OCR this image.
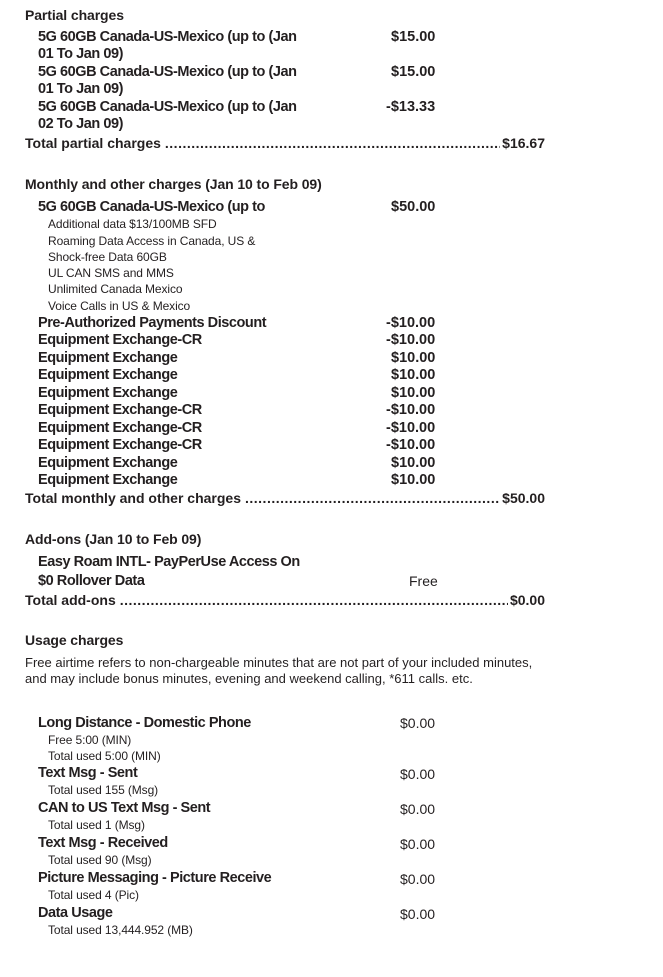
Partial charges
5G 60GB Canada-US-Mexico (up to (Jan
01 To Jan 09)
$15.00
5G 60GB Canada-US-Mexico (up to (Jan
01 To Jan 09)
$15.00
5G 60GB Canada-US-Mexico (up to (Jan
02 To Jan 09)
-$13.33
Total partial charges .....	$16.67
Monthly and other charges (Jan 10 to Feb 09)
5G 60GB Canada-US-Mexico (up to	$50.00
Additional data $13/100MB SFD
Roaming Data Access in Canada, US &
Shock-free Data 60GB
UL CAN SMS and MMS
Unlimited Canada Mexico
Voice Calls in US & Mexico
Pre-Authorized Payments Discount	-$10.00
Equipment Exchange-CR	-$10.00
Equipment Exchange	$10.00
Equipment Exchange	$10.00
Equipment Exchange	$10.00
Equipment Exchange-CR	-$10.00
Equipment Exchange-CR	-$10.00
Equipment Exchange-CR	-$10.00
Equipment Exchange	$10.00
Equipment Exchange	$10.00
Total monthly and other charges .....	$50.00
Add-ons (Jan 10 to Feb 09)
Easy Roam INTL- PayPerUse Access On
$0 Rollover Data	Free
Total add-ons .....	$0.00
Usage charges
Free airtime refers to non-chargeable minutes that are not part of your included minutes,
and may include bonus minutes, evening and weekend calling, *611 calls. etc.
Long Distance - Domestic Phone	$0.00
Free 5:00 (MIN)
Total used 5:00 (MIN)
Text Msg - Sent	$0.00
Total used 155 (Msg)
CAN to US Text Msg - Sent	$0.00
Total used 1 (Msg)
Text Msg - Received	$0.00
Total used 90 (Msg)
Picture Messaging - Picture Receive	$0.00
Total used 4 (Pic)
Data Usage	$0.00
Total used 13,444.952 (MB)
